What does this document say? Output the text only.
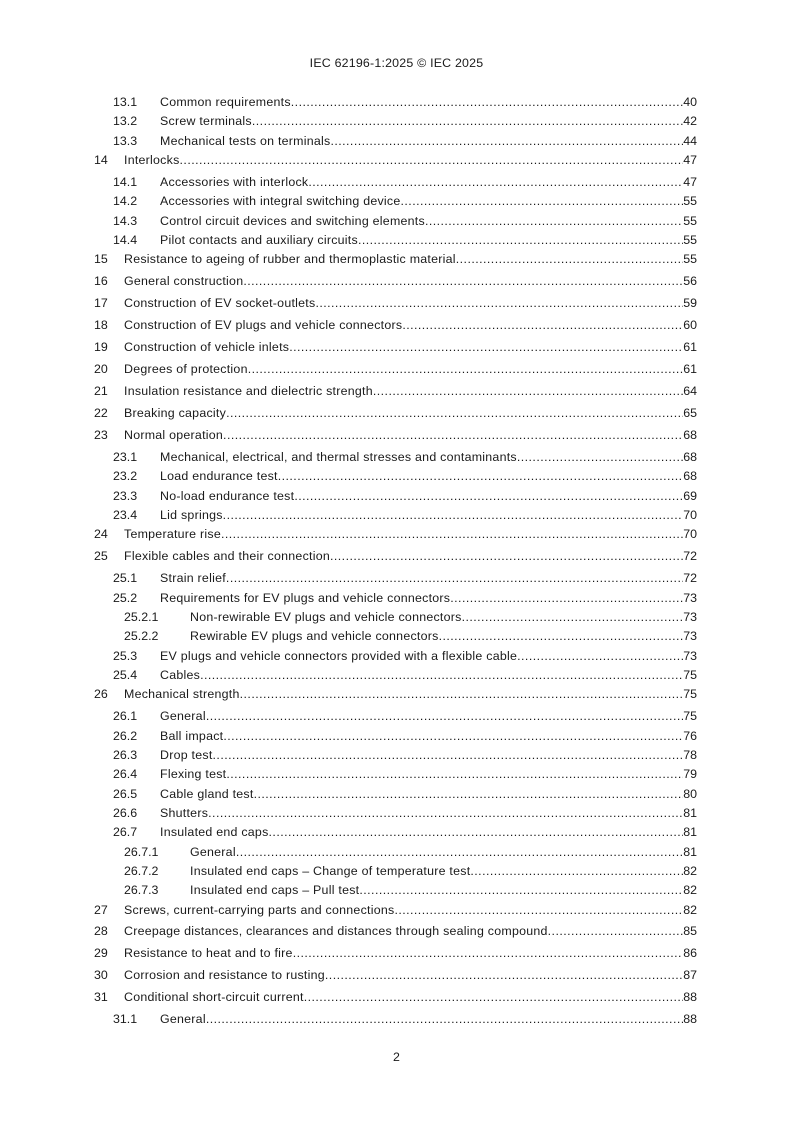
IEC 62196-1:2025 © IEC 2025
13.1 Common requirements .....	40
13.2 Screw terminals .....	42
13.3 Mechanical tests on terminals .....	44
14 Interlocks .....	47
14.1 Accessories with interlock .....	47
14.2 Accessories with integral switching device .....	55
14.3 Control circuit devices and switching elements .....	55
14.4 Pilot contacts and auxiliary circuits .....	55
15 Resistance to ageing of rubber and thermoplastic material .....	55
16 General construction .....	56
17 Construction of EV socket-outlets .....	59
18 Construction of EV plugs and vehicle connectors .....	60
19 Construction of vehicle inlets .....	61
20 Degrees of protection .....	61
21 Insulation resistance and dielectric strength .....	64
22 Breaking capacity .....	65
23 Normal operation .....	68
23.1 Mechanical, electrical, and thermal stresses and contaminants .....	68
23.2 Load endurance test .....	68
23.3 No-load endurance test .....	69
23.4 Lid springs .....	70
24 Temperature rise .....	70
25 Flexible cables and their connection .....	72
25.1 Strain relief .....	72
25.2 Requirements for EV plugs and vehicle connectors .....	73
25.2.1	Non-rewirable EV plugs and vehicle connectors .....	73
25.2.2	Rewirable EV plugs and vehicle connectors .....	73
25.3 EV plugs and vehicle connectors provided with a flexible cable .....	73
25.4 Cables .....	75
26 Mechanical strength .....	75
26.1 General .....	75
26.2 Ball impact .....	76
26.3 Drop test .....	78
26.4 Flexing test .....	79
26.5 Cable gland test .....	80
26.6 Shutters .....	81
26.7 Insulated end caps .....	81
26.7.1	General .....	81
26.7.2	Insulated end caps – Change of temperature test .....	82
26.7.3	Insulated end caps – Pull test .....	82
27 Screws, current-carrying parts and connections .....	82
28 Creepage distances, clearances and distances through sealing compound .....	85
29 Resistance to heat and to fire .....	86
30 Corrosion and resistance to rusting .....	87
31 Conditional short-circuit current .....	88
31.1 General .....	88
2
